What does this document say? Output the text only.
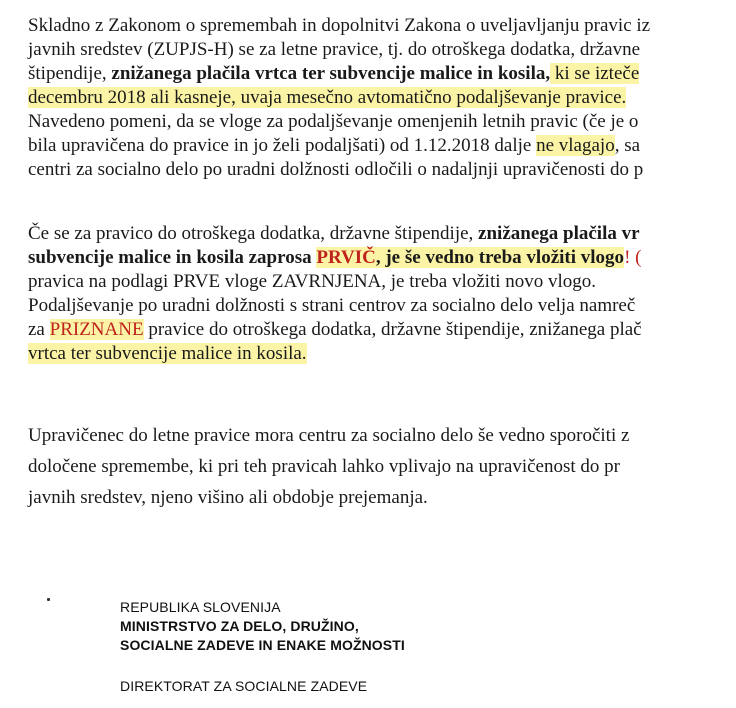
Skladno z Zakonom o spremembah in dopolnitvi Zakona o uveljavljanju pravic iz
javnih sredstev (ZUPJS-H) se za letne pravice, tj. do otroškega dodatka, državne
štipendije, znižanega plačila vrtca ter subvencije malice in kosila, ki se izteče
decembru 2018 ali kasneje, uvaja mesečno avtomatično podaljševanje pravice.
Navedeno pomeni, da se vloge za podaljševanje omenjenih letnih pravic (če je o
bila upravičena do pravice in jo želi podaljšati) od 1.12.2018 dalje ne vlagajo, sa
centri za socialno delo po uradni dolžnosti odločili o nadaljnji upravičenosti do p
Če se za pravico do otroškega dodatka, državne štipendije, znižanega plačila vr
subvencije malice in kosila zaprosa PRVIČ, je še vedno treba vložiti vlogo! (
pravica na podlagi PRVE vloge ZAVRNJENA, je treba vložiti novo vlogo.
Podaljševanje po uradni dolžnosti s strani centrov za socialno delo velja namreč
za PRIZNANE pravice do otroškega dodatka, državne štipendije, znižanega plač
vrtca ter subvencije malice in kosila.
Upravičenec do letne pravice mora centru za socialno delo še vedno sporočiti z
določene spremembe, ki pri teh pravicah lahko vplivajo na upravičenost do pr
javnih sredstev, njeno višino ali obdobje prejemanja.
REPUBLIKA SLOVENIJA
MINISTRSTVO ZA DELO, DRUŽINO,
SOCIALNE ZADEVE IN ENAKE MOŽNOSTI
DIREKTORAT ZA SOCIALNE ZADEVE
